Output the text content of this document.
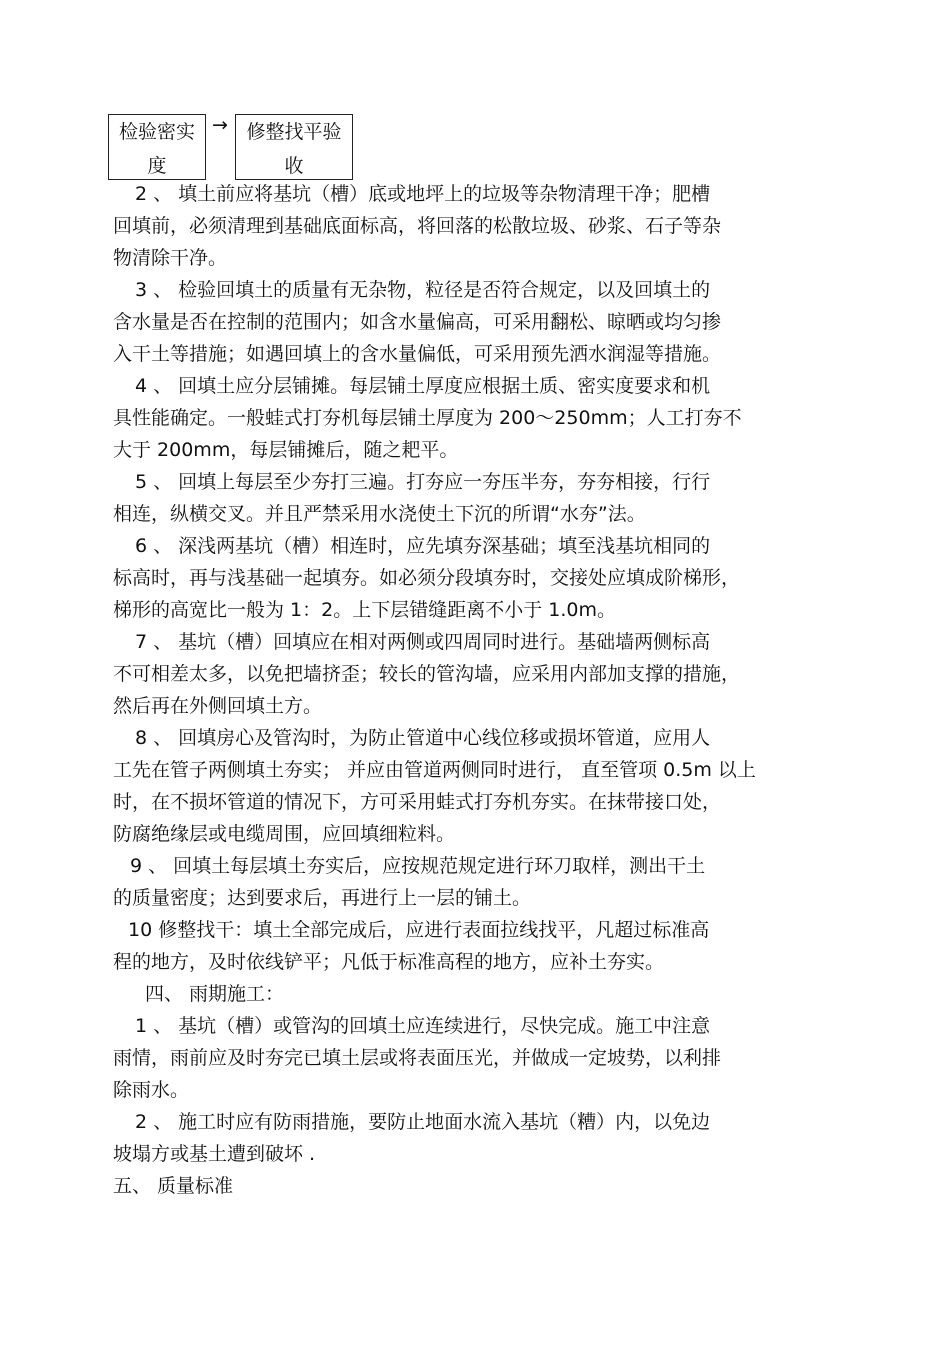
检验密实
度
→ 修整找平验
收
2 、 填土前应将基坑（槽）底或地坪上的垃圾等杂物清理干净；肥槽
回填前，必须清理到基础底面标高，将回落的松散垃圾、砂浆、石子等杂
物清除干净。
3 、 检验回填土的质量有无杂物，粒径是否符合规定，以及回填土的
含水量是否在控制的范围内；如含水量偏高，可采用翻松、晾晒或均匀掺
入干土等措施；如遇回填上的含水量偏低，可采用预先洒水润湿等措施。
4 、 回填土应分层铺摊。每层铺土厚度应根据土质、密实度要求和机
具性能确定。一般蛙式打夯机每层铺土厚度为 200～250mm；人工打夯不
大于 200mm，每层铺摊后，随之耙平。
5 、 回填上每层至少夯打三遍。打夯应一夯压半夯，夯夯相接，行行
相连，纵横交叉。并且严禁采用水浇使土下沉的所谓“水夯”法。
6 、 深浅两基坑（槽）相连时，应先填夯深基础；填至浅基坑相同的
标高时，再与浅基础一起填夯。如必须分段填夯时，交接处应填成阶梯形，
梯形的高宽比一般为 1：2。上下层错缝距离不小于 1.0m。
7 、 基坑（槽）回填应在相对两侧或四周同时进行。基础墙两侧标高
不可相差太多，以免把墙挤歪；较长的管沟墙，应采用内部加支撑的措施，
然后再在外侧回填土方。
8 、 回填房心及管沟时，为防止管道中心线位移或损坏管道，应用人
工先在管子两侧填土夯实； 并应由管道两侧同时进行， 直至管项 0.5m 以上
时，在不损坏管道的情况下，方可采用蛙式打夯机夯实。在抹带接口处，
防腐绝缘层或电缆周围，应回填细粒料。
9 、 回填土每层填土夯实后，应按规范规定进行环刀取样，测出干土
的质量密度；达到要求后，再进行上一层的铺土。
10 修整找干：填土全部完成后，应进行表面拉线找平，凡超过标准高
程的地方，及时依线铲平；凡低于标准高程的地方，应补土夯实。
四、 雨期施工：
1 、 基坑（槽）或管沟的回填土应连续进行，尽快完成。施工中注意
雨情，雨前应及时夯完已填土层或将表面压光，并做成一定坡势，以利排
除雨水。
2 、 施工时应有防雨措施，要防止地面水流入基坑（糟）内，以免边
坡塌方或基土遭到破坏 .
五、 质量标准
